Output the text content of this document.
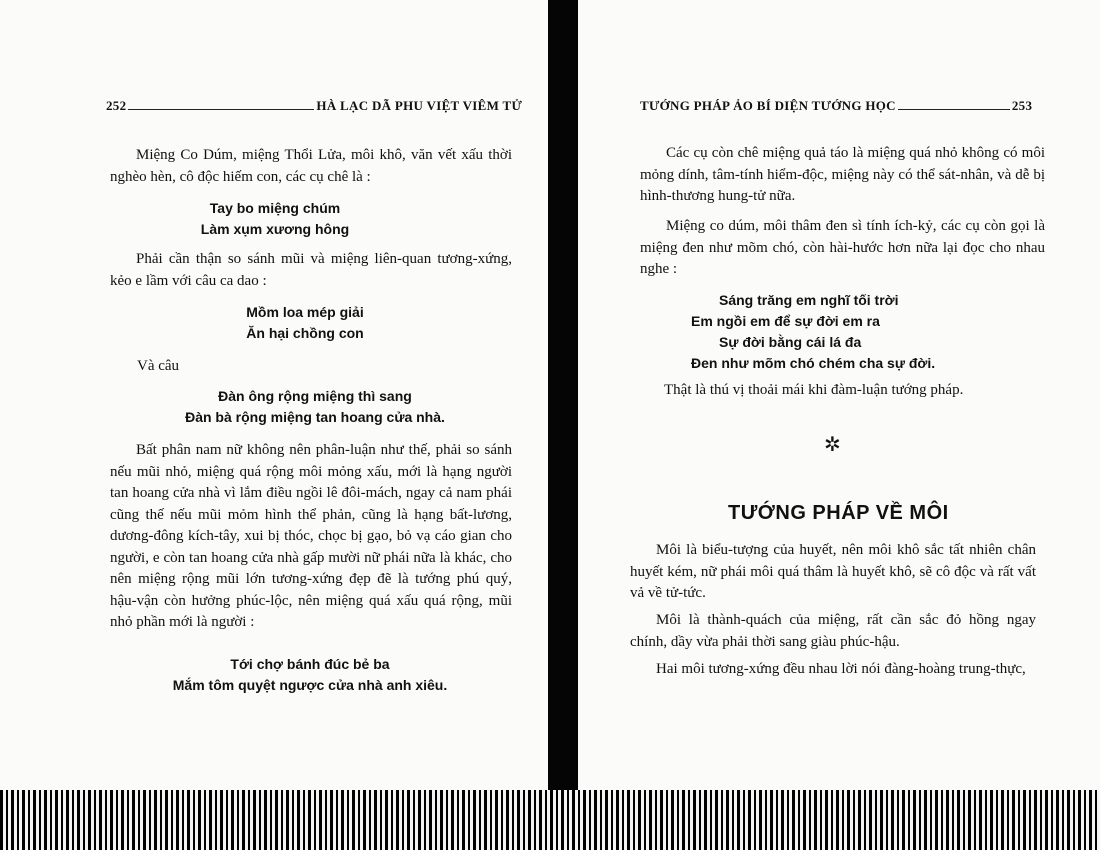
252	HÀ LẠC DÃ PHU VIỆT VIÊM TỬ
Miệng Co Dúm, miệng Thổi Lửa, môi khô, văn vết xấu thời nghèo hèn, cô độc hiếm con, các cụ chê là :
Tay bo miệng chúm
Làm xụm xương hông
Phải cần thận so sánh mũi và miệng liên-quan tương-xứng, kẻo e lầm với câu ca dao :
Mồm loa mép giải
Ăn hại chồng con
Và câu
Đàn ông rộng miệng thì sang
Đàn bà rộng miệng tan hoang cửa nhà.
Bất phân nam nữ không nên phân-luận như thế, phải so sánh nếu mũi nhỏ, miệng quá rộng môi mỏng xấu, mới là hạng người tan hoang cửa nhà vì lắm điều ngồi lê đôi-mách, ngay cả nam phái cũng thế nếu mũi mỏm hình thể phản, cũng là hạng bất-lương, dương-đông kích-tây, xui bị thóc, chọc bị gạo, bỏ vạ cáo gian cho người, e còn tan hoang cửa nhà gấp mười nữ phái nữa là khác, cho nên miệng rộng mũi lớn tương-xứng đẹp đẽ là tướng phú quý, hậu-vận còn hưởng phúc-lộc, nên miệng quá xấu quá rộng, mũi nhỏ phần mới là người :
Tới chợ bánh đúc bẻ ba
Mắm tôm quyệt ngược cửa nhà anh xiêu.
TƯỚNG PHÁP ẢO BÍ DIỆN TƯỚNG HỌC	253
Các cụ còn chê miệng quả táo là miệng quá nhỏ không có môi mỏng dính, tâm-tính hiểm-độc, miệng này có thể sát-nhân, và dễ bị hình-thương hung-tử nữa.
Miệng co dúm, môi thâm đen sì tính ích-kỷ, các cụ còn gọi là miệng đen như mõm chó, còn hài-hước hơn nữa lại đọc cho nhau nghe :
Sáng trăng em nghĩ tối trời
Em ngồi em để sự đời em ra
Sự đời bằng cái lá đa
Đen như mõm chó chém cha sự đời.
Thật là thú vị thoải mái khi đàm-luận tướng pháp.
✲
TƯỚNG PHÁP VỀ MÔI
Môi là biểu-tượng của huyết, nên môi khô sắc tất nhiên chân huyết kém, nữ phái môi quá thâm là huyết khô, sẽ cô độc và rất vất vả về tử-tức.
Môi là thành-quách của miệng, rất cần sắc đỏ hồng ngay chính, dầy vừa phải thời sang giàu phúc-hậu.
Hai môi tương-xứng đều nhau lời nói đàng-hoàng trung-thực,
